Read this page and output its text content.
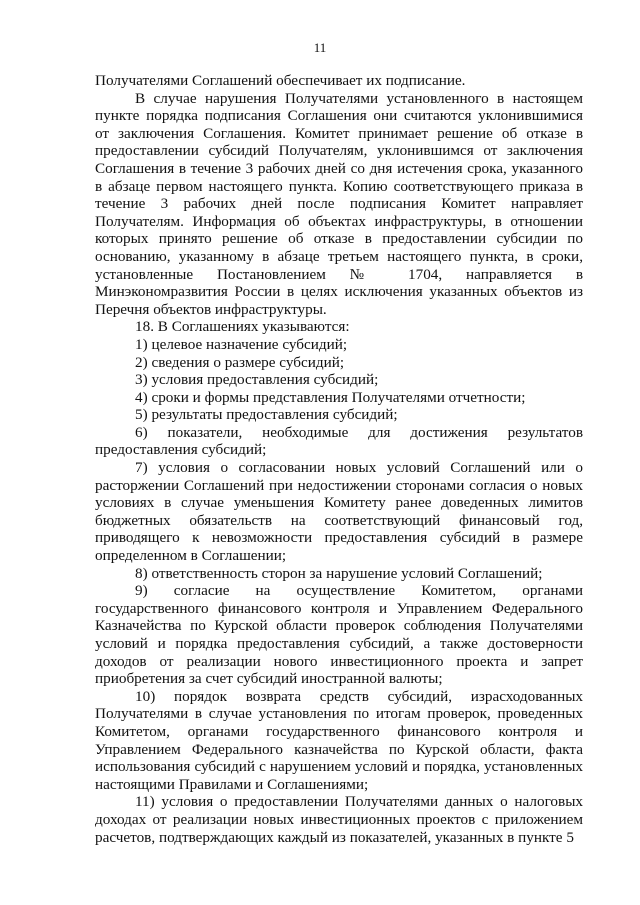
11

Получателями Соглашений обеспечивает их подписание.

В случае нарушения Получателями установленного в настоящем пункте порядка подписания Соглашения они считаются уклонившимися от заключения Соглашения. Комитет принимает решение об отказе в предоставлении субсидий Получателям, уклонившимся от заключения Соглашения в течение 3 рабочих дней со дня истечения срока, указанного в абзаце первом настоящего пункта. Копию соответствующего приказа в течение 3 рабочих дней после подписания Комитет направляет Получателям. Информация об объектах инфраструктуры, в отношении которых принято решение об отказе в предоставлении субсидии по основанию, указанному в абзаце третьем настоящего пункта, в сроки, установленные Постановлением № 1704, направляется в Минэкономразвития России в целях исключения указанных объектов из Перечня объектов инфраструктуры.

18. В Соглашениях указываются:

1) целевое назначение субсидий;

2) сведения о размере субсидий;

3) условия предоставления субсидий;

4) сроки и формы представления Получателями отчетности;

5) результаты предоставления субсидий;

6) показатели, необходимые для достижения результатов предоставления субсидий;

7) условия о согласовании новых условий Соглашений или о расторжении Соглашений при недостижении сторонами согласия о новых условиях в случае уменьшения Комитету ранее доведенных лимитов бюджетных обязательств на соответствующий финансовый год, приводящего к невозможности предоставления субсидий в размере определенном в Соглашении;

8) ответственность сторон за нарушение условий Соглашений;

9) согласие на осуществление Комитетом, органами государственного финансового контроля и Управлением Федерального Казначейства по Курской области проверок соблюдения Получателями условий и порядка предоставления субсидий, а также достоверности доходов от реализации нового инвестиционного проекта и запрет приобретения за счет субсидий иностранной валюты;

10) порядок возврата средств субсидий, израсходованных Получателями в случае установления по итогам проверок, проведенных Комитетом, органами государственного финансового контроля и Управлением Федерального казначейства по Курской области, факта использования субсидий с нарушением условий и порядка, установленных настоящими Правилами и Соглашениями;

11) условия о предоставлении Получателями данных о налоговых доходах от реализации новых инвестиционных проектов с приложением расчетов, подтверждающих каждый из показателей, указанных в пункте 5
